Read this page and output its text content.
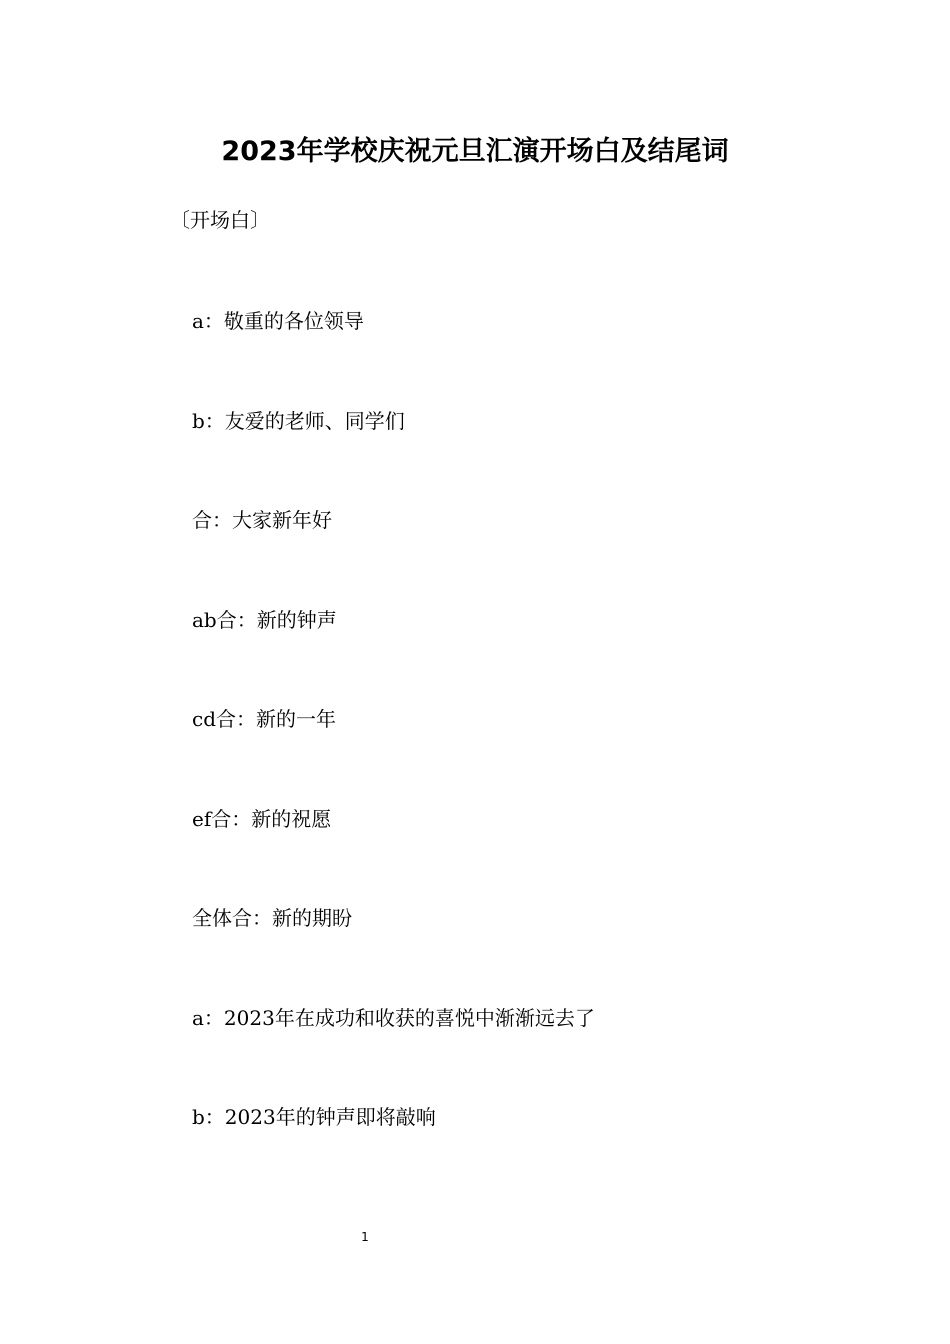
2023年学校庆祝元旦汇演开场白及结尾词
〔开场白〕
a：敬重的各位领导
b：友爱的老师、同学们
合：大家新年好
ab合：新的钟声
cd合：新的一年
ef合：新的祝愿
全体合：新的期盼
a：2023年在成功和收获的喜悦中渐渐远去了
b：2023年的钟声即将敲响
1
